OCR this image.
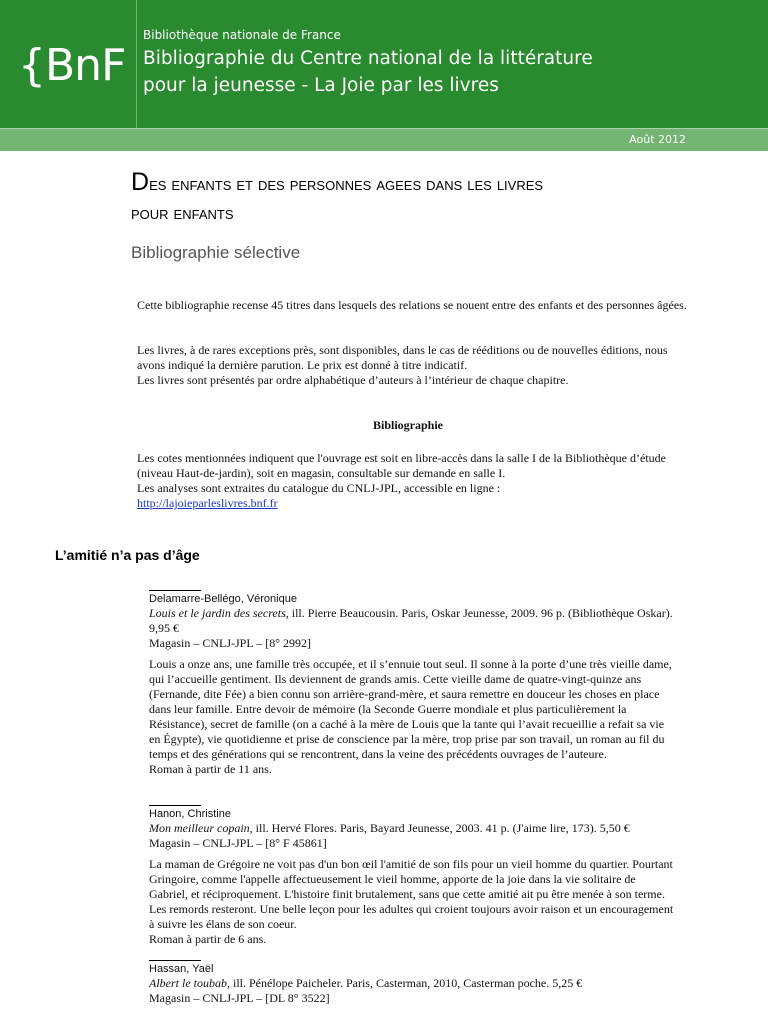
{BnF
Bibliothèque nationale de France
Bibliographie du Centre national de la littérature
pour la jeunesse - La Joie par les livres
Août 2012
Des enfants et des personnes agees dans les livres
pour enfants
Bibliographie sélective
Cette bibliographie recense 45 titres dans lesquels des relations se nouent entre des enfants et des personnes âgées.
Les livres, à de rares exceptions près, sont disponibles, dans le cas de rééditions ou de nouvelles éditions, nous avons indiqué la dernière parution. Le prix est donné à titre indicatif.
Les livres sont présentés par ordre alphabétique d’auteurs à l’intérieur de chaque chapitre.
Bibliographie
Les cotes mentionnées indiquent que l'ouvrage est soit en libre-accès dans la salle I de la Bibliothèque d’étude (niveau Haut-de-jardin), soit en magasin, consultable sur demande en salle I.
Les analyses sont extraites du catalogue du CNLJ-JPL, accessible en ligne :
http://lajoieparleslivres.bnf.fr
L’amitié n’a pas d’âge
Delamarre-Bellégo, Véronique
Louis et le jardin des secrets, ill. Pierre Beaucousin. Paris, Oskar Jeunesse, 2009. 96 p. (Bibliothèque Oskar). 9,95 €
Magasin – CNLJ-JPL – [8° 2992]
Louis a onze ans, une famille très occupée, et il s’ennuie tout seul. Il sonne à la porte d’une très vieille dame, qui l’accueille gentiment. Ils deviennent de grands amis. Cette vieille dame de quatre-vingt-quinze ans (Fernande, dite Fée) a bien connu son arrière-grand-mère, et saura remettre en douceur les choses en place dans leur famille. Entre devoir de mémoire (la Seconde Guerre mondiale et plus particulièrement la Résistance), secret de famille (on a caché à la mère de Louis que la tante qui l’avait recueillie a refait sa vie en Égypte), vie quotidienne et prise de conscience par la mère, trop prise par son travail, un roman au fil du temps et des générations qui se rencontrent, dans la veine des précédents ouvrages de l’auteure.
Roman à partir de 11 ans.
Hanon, Christine
Mon meilleur copain, ill. Hervé Flores. Paris, Bayard Jeunesse, 2003. 41 p. (J'aime lire, 173). 5,50 €
Magasin – CNLJ-JPL – [8° F 45861]
La maman de Grégoire ne voit pas d'un bon œil l'amitié de son fils pour un vieil homme du quartier. Pourtant Gringoire, comme l'appelle affectueusement le vieil homme, apporte de la joie dans la vie solitaire de Gabriel, et réciproquement. L'histoire finit brutalement, sans que cette amitié ait pu être menée à son terme. Les remords resteront. Une belle leçon pour les adultes qui croient toujours avoir raison et un encouragement à suivre les élans de son coeur.
Roman à partir de 6 ans.
Hassan, Yaël
Albert le toubab, ill. Pénélope Paicheler. Paris, Casterman, 2010, Casterman poche. 5,25 €
Magasin – CNLJ-JPL – [DL 8° 3522]
